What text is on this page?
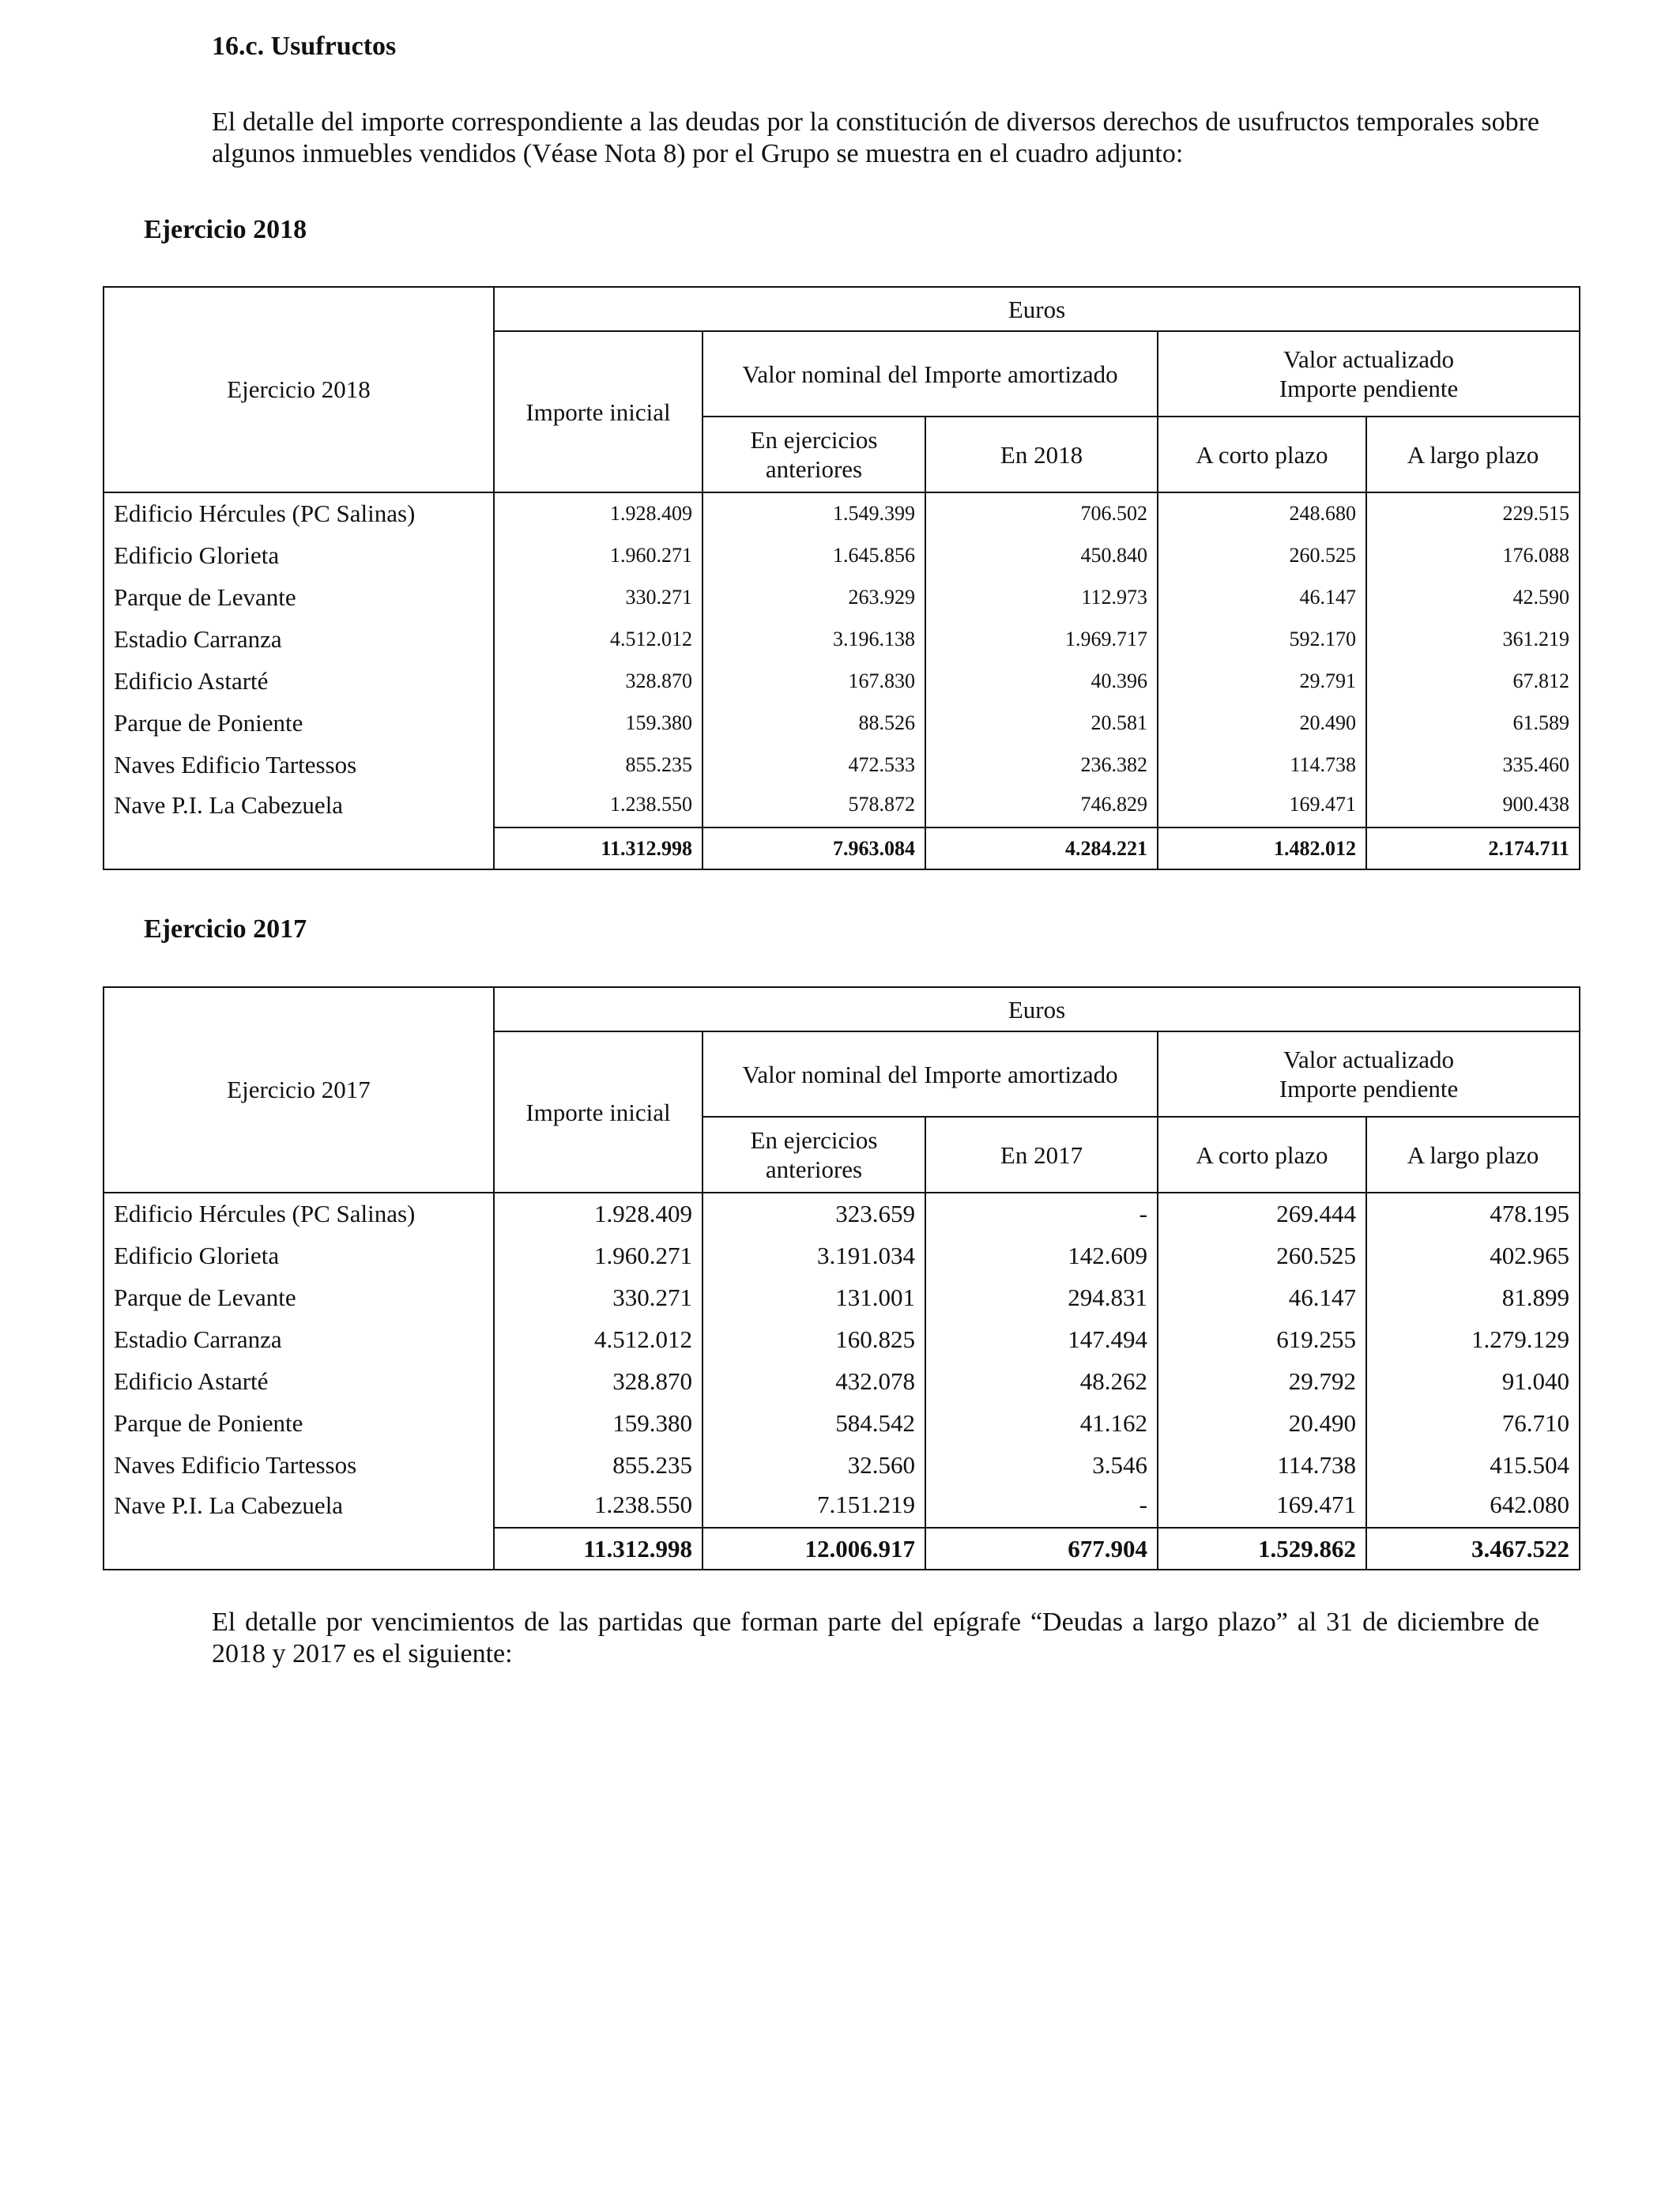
16.c. Usufructos

El detalle del importe correspondiente a las deudas por la constitución de diversos derechos de usufructos temporales sobre algunos inmuebles vendidos (Véase Nota 8) por el Grupo se muestra en el cuadro adjunto:

Ejercicio 2018
Ejercicio 2018	Euros				
	Importe inicial	Valor nominal del Importe amortizado		Valor actualizado
Importe pendiente	
		En ejercicios
anteriores	En 2018	A corto plazo	A largo plazo
Edificio Hércules (PC Salinas)	1.928.409	1.549.399	706.502	248.680	229.515
Edificio Glorieta	1.960.271	1.645.856	450.840	260.525	176.088
Parque de Levante	330.271	263.929	112.973	46.147	42.590
Estadio Carranza	4.512.012	3.196.138	1.969.717	592.170	361.219
Edificio Astarté	328.870	167.830	40.396	29.791	67.812
Parque de Poniente	159.380	88.526	20.581	20.490	61.589
Naves Edificio Tartessos	855.235	472.533	236.382	114.738	335.460
Nave P.I. La Cabezuela	1.238.550	578.872	746.829	169.471	900.438
	11.312.998	7.963.084	4.284.221	1.482.012	2.174.711
Ejercicio 2017
Ejercicio 2017	Euros				
	Importe inicial	Valor nominal del Importe amortizado		Valor actualizado
Importe pendiente	
		En ejercicios
anteriores	En 2017	A corto plazo	A largo plazo
Edificio Hércules (PC Salinas)	1.928.409	323.659	-	269.444	478.195
Edificio Glorieta	1.960.271	3.191.034	142.609	260.525	402.965
Parque de Levante	330.271	131.001	294.831	46.147	81.899
Estadio Carranza	4.512.012	160.825	147.494	619.255	1.279.129
Edificio Astarté	328.870	432.078	48.262	29.792	91.040
Parque de Poniente	159.380	584.542	41.162	20.490	76.710
Naves Edificio Tartessos	855.235	32.560	3.546	114.738	415.504
Nave P.I. La Cabezuela	1.238.550	7.151.219	-	169.471	642.080
	11.312.998	12.006.917	677.904	1.529.862	3.467.522

El detalle por vencimientos de las partidas que forman parte del epígrafe “Deudas a largo plazo” al 31 de diciembre de 2018 y 2017 es el siguiente:
